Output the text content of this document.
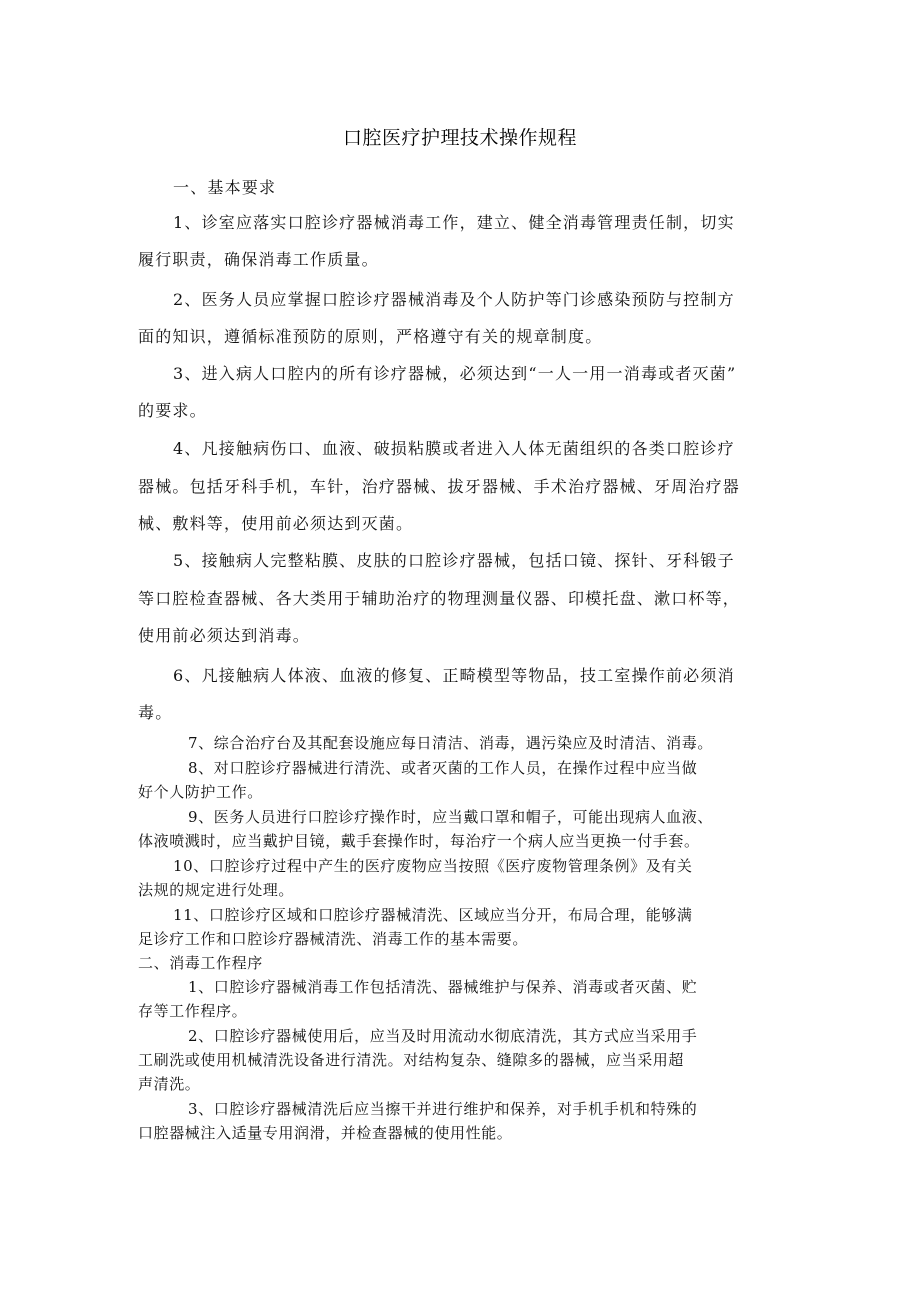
口腔医疗护理技术操作规程
一、基本要求
1、诊室应落实口腔诊疗器械消毒工作，建立、健全消毒管理责任制，切实
履行职责，确保消毒工作质量。
2、医务人员应掌握口腔诊疗器械消毒及个人防护等门诊感染预防与控制方
面的知识，遵循标准预防的原则，严格遵守有关的规章制度。
3、进入病人口腔内的所有诊疗器械，必须达到“一人一用一消毒或者灭菌”
的要求。
4、凡接触病伤口、血液、破损粘膜或者进入人体无菌组织的各类口腔诊疗
器械。包括牙科手机，车针，治疗器械、拔牙器械、手术治疗器械、牙周治疗器
械、敷料等，使用前必须达到灭菌。
5、接触病人完整粘膜、皮肤的口腔诊疗器械，包括口镜、探针、牙科锻子
等口腔检查器械、各大类用于辅助治疗的物理测量仪器、印模托盘、漱口杯等，
使用前必须达到消毒。
6、凡接触病人体液、血液的修复、正畸模型等物品，技工室操作前必须消
毒。
7、综合治疗台及其配套设施应每日清洁、消毒，遇污染应及时清洁、消毒。
8、对口腔诊疗器械进行清洗、或者灭菌的工作人员，在操作过程中应当做
好个人防护工作。
9、医务人员进行口腔诊疗操作时，应当戴口罩和帽子，可能出现病人血液、
体液喷溅时，应当戴护目镜，戴手套操作时，每治疗一个病人应当更换一付手套。
10、口腔诊疗过程中产生的医疗废物应当按照《医疗废物管理条例》及有关
法规的规定进行处理。
11、口腔诊疗区域和口腔诊疗器械清洗、区域应当分开，布局合理，能够满
足诊疗工作和口腔诊疗器械清洗、消毒工作的基本需要。
二、消毒工作程序
1、口腔诊疗器械消毒工作包括清洗、器械维护与保养、消毒或者灭菌、贮
存等工作程序。
2、口腔诊疗器械使用后，应当及时用流动水彻底清洗，其方式应当采用手
工刷洗或使用机械清洗设备进行清洗。对结构复杂、缝隙多的器械，应当采用超
声清洗。
3、口腔诊疗器械清洗后应当擦干并进行维护和保养，对手机手机和特殊的
口腔器械注入适量专用润滑，并检查器械的使用性能。
